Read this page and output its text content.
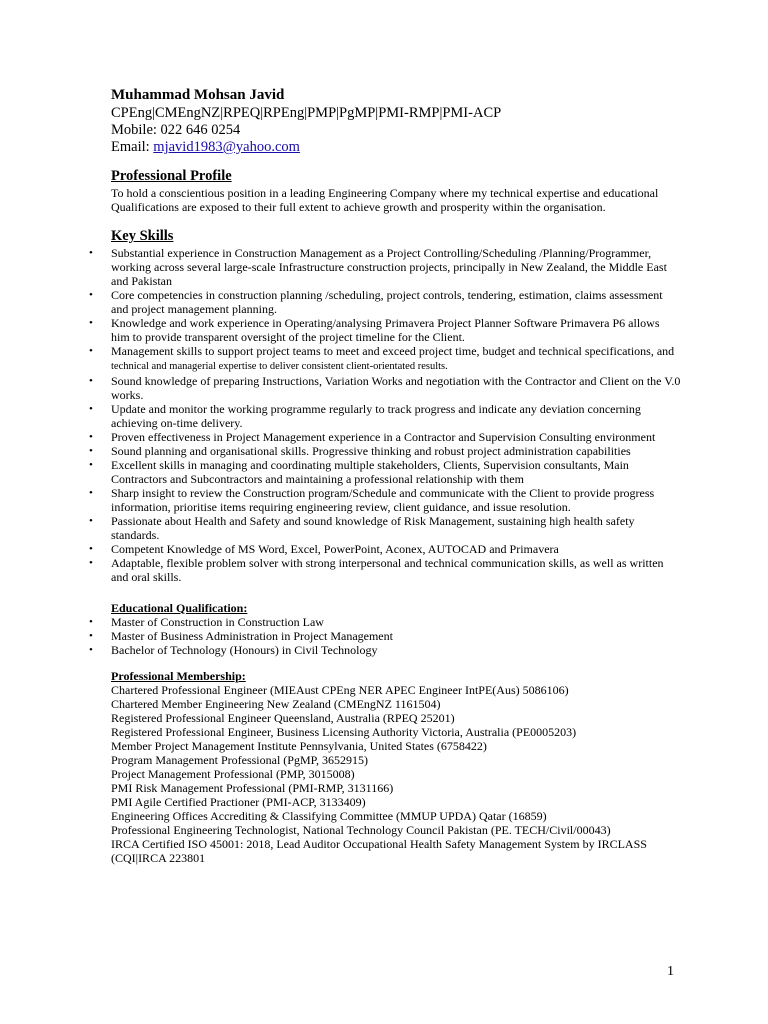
Muhammad Mohsan Javid

CPEng|CMEngNZ|RPEQ|RPEng|PMP|PgMP|PMI-RMP|PMI-ACP

Mobile: 022 646 0254

Email: mjavid1983@yahoo.com

Professional Profile

To hold a conscientious position in a leading Engineering Company where my technical expertise and educational Qualifications are exposed to their full extent to achieve growth and prosperity within the organisation.

Key Skills

• Substantial experience in Construction Management as a Project Controlling/Scheduling /Planning/Programmer, working across several large-scale Infrastructure construction projects, principally in New Zealand, the Middle East and Pakistan
• Core competencies in construction planning /scheduling, project controls, tendering, estimation, claims assessment and project management planning.
• Knowledge and work experience in Operating/analysing Primavera Project Planner Software Primavera P6 allows him to provide transparent oversight of the project timeline for the Client.
• Management skills to support project teams to meet and exceed project time, budget and technical specifications, and technical and managerial expertise to deliver consistent client-orientated results.
• Sound knowledge of preparing Instructions, Variation Works and negotiation with the Contractor and Client on the V.0 works.
• Update and monitor the working programme regularly to track progress and indicate any deviation concerning achieving on-time delivery.
• Proven effectiveness in Project Management experience in a Contractor and Supervision Consulting environment
• Sound planning and organisational skills. Progressive thinking and robust project administration capabilities
• Excellent skills in managing and coordinating multiple stakeholders, Clients, Supervision consultants, Main Contractors and Subcontractors and maintaining a professional relationship with them
• Sharp insight to review the Construction program/Schedule and communicate with the Client to provide progress information, prioritise items requiring engineering review, client guidance, and issue resolution.
• Passionate about Health and Safety and sound knowledge of Risk Management, sustaining high health safety standards.
• Competent Knowledge of MS Word, Excel, PowerPoint, Aconex, AUTOCAD and Primavera
• Adaptable, flexible problem solver with strong interpersonal and technical communication skills, as well as written and oral skills.

Educational Qualification:

• Master of Construction in Construction Law
• Master of Business Administration in Project Management
• Bachelor of Technology (Honours) in Civil Technology

Professional Membership:

Chartered Professional Engineer (MIEAust CPEng NER APEC Engineer IntPE(Aus) 5086106)

Chartered Member Engineering New Zealand (CMEngNZ 1161504)

Registered Professional Engineer Queensland, Australia (RPEQ 25201)

Registered Professional Engineer, Business Licensing Authority Victoria, Australia (PE0005203)

Member Project Management Institute Pennsylvania, United States (6758422)

Program Management Professional (PgMP, 3652915)

Project Management Professional (PMP, 3015008)

PMI Risk Management Professional (PMI-RMP, 3131166)

PMI Agile Certified Practioner (PMI-ACP, 3133409)

Engineering Offices Accrediting & Classifying Committee (MMUP UPDA) Qatar (16859)

Professional Engineering Technologist, National Technology Council Pakistan (PE. TECH/Civil/00043)

IRCA Certified ISO 45001: 2018, Lead Auditor Occupational Health Safety Management System by IRCLASS (CQI|IRCA 223801

1
